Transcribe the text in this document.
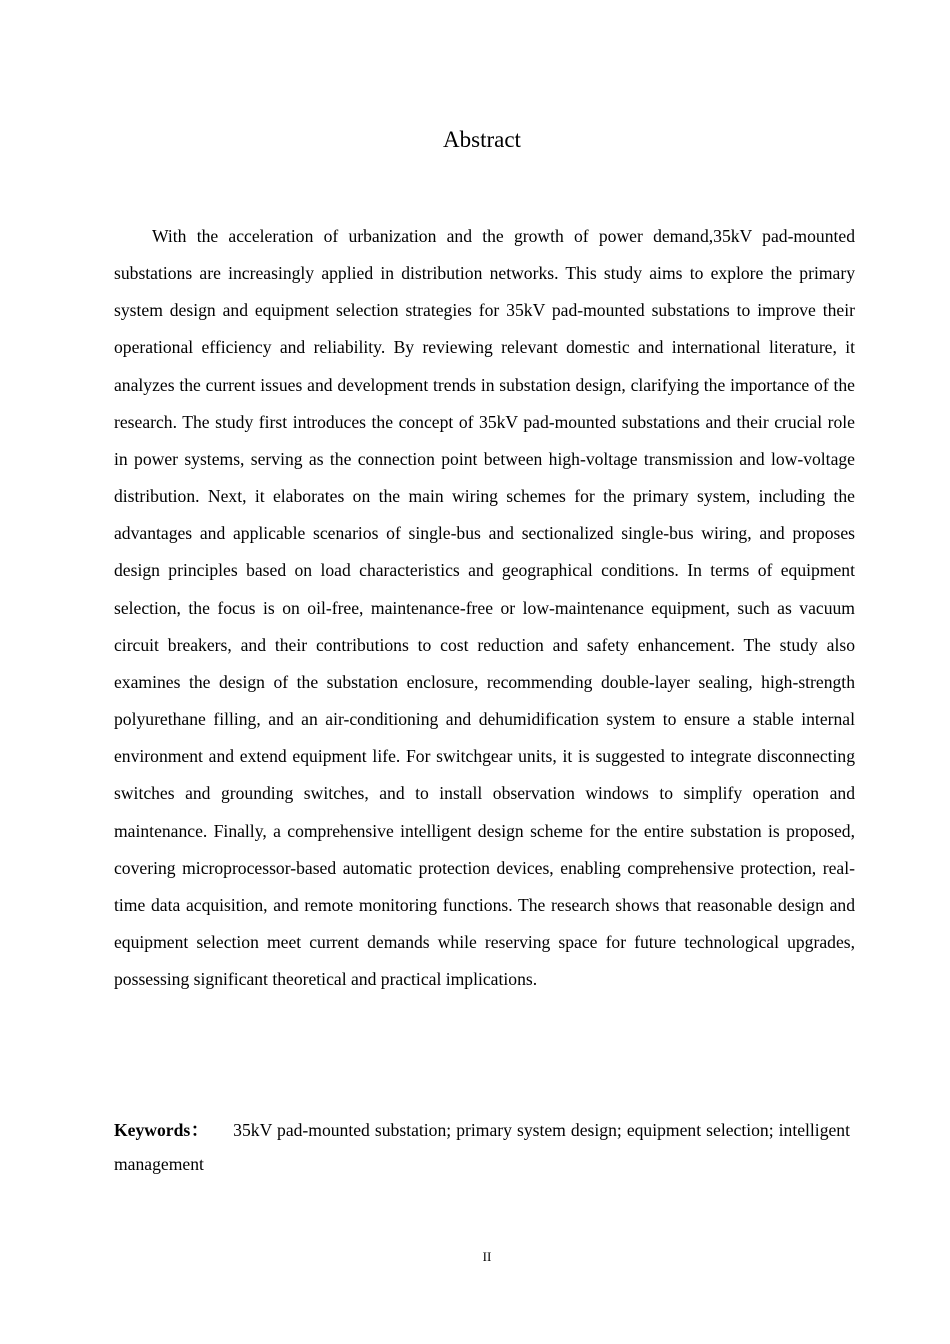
Abstract

With the acceleration of urbanization and the growth of power demand,35kV pad-mounted substations are increasingly applied in distribution networks. This study aims to explore the primary system design and equipment selection strategies for 35kV pad-mounted substations to improve their operational efficiency and reliability. By reviewing relevant domestic and international literature, it analyzes the current issues and development trends in substation design, clarifying the importance of the research. The study first introduces the concept of 35kV pad-mounted substations and their crucial role in power systems, serving as the connection point between high-voltage transmission and low-voltage distribution. Next, it elaborates on the main wiring schemes for the primary system, including the advantages and applicable scenarios of single-bus and sectionalized single-bus wiring, and proposes design principles based on load characteristics and geographical conditions. In terms of equipment selection, the focus is on oil-free, maintenance-free or low-maintenance equipment, such as vacuum circuit breakers, and their contributions to cost reduction and safety enhancement. The study also examines the design of the substation enclosure, recommending double-layer sealing, high-strength polyurethane filling, and an air-conditioning and dehumidification system to ensure a stable internal environment and extend equipment life. For switchgear units, it is suggested to integrate disconnecting switches and grounding switches, and to install observation windows to simplify operation and maintenance. Finally, a comprehensive intelligent design scheme for the entire substation is proposed, covering microprocessor-based automatic protection devices, enabling comprehensive protection, real-time data acquisition, and remote monitoring functions. The research shows that reasonable design and equipment selection meet current demands while reserving space for future technological upgrades, possessing significant theoretical and practical implications.

Keywords： 35kV pad-mounted substation; primary system design; equipment selection; intelligent management

II
